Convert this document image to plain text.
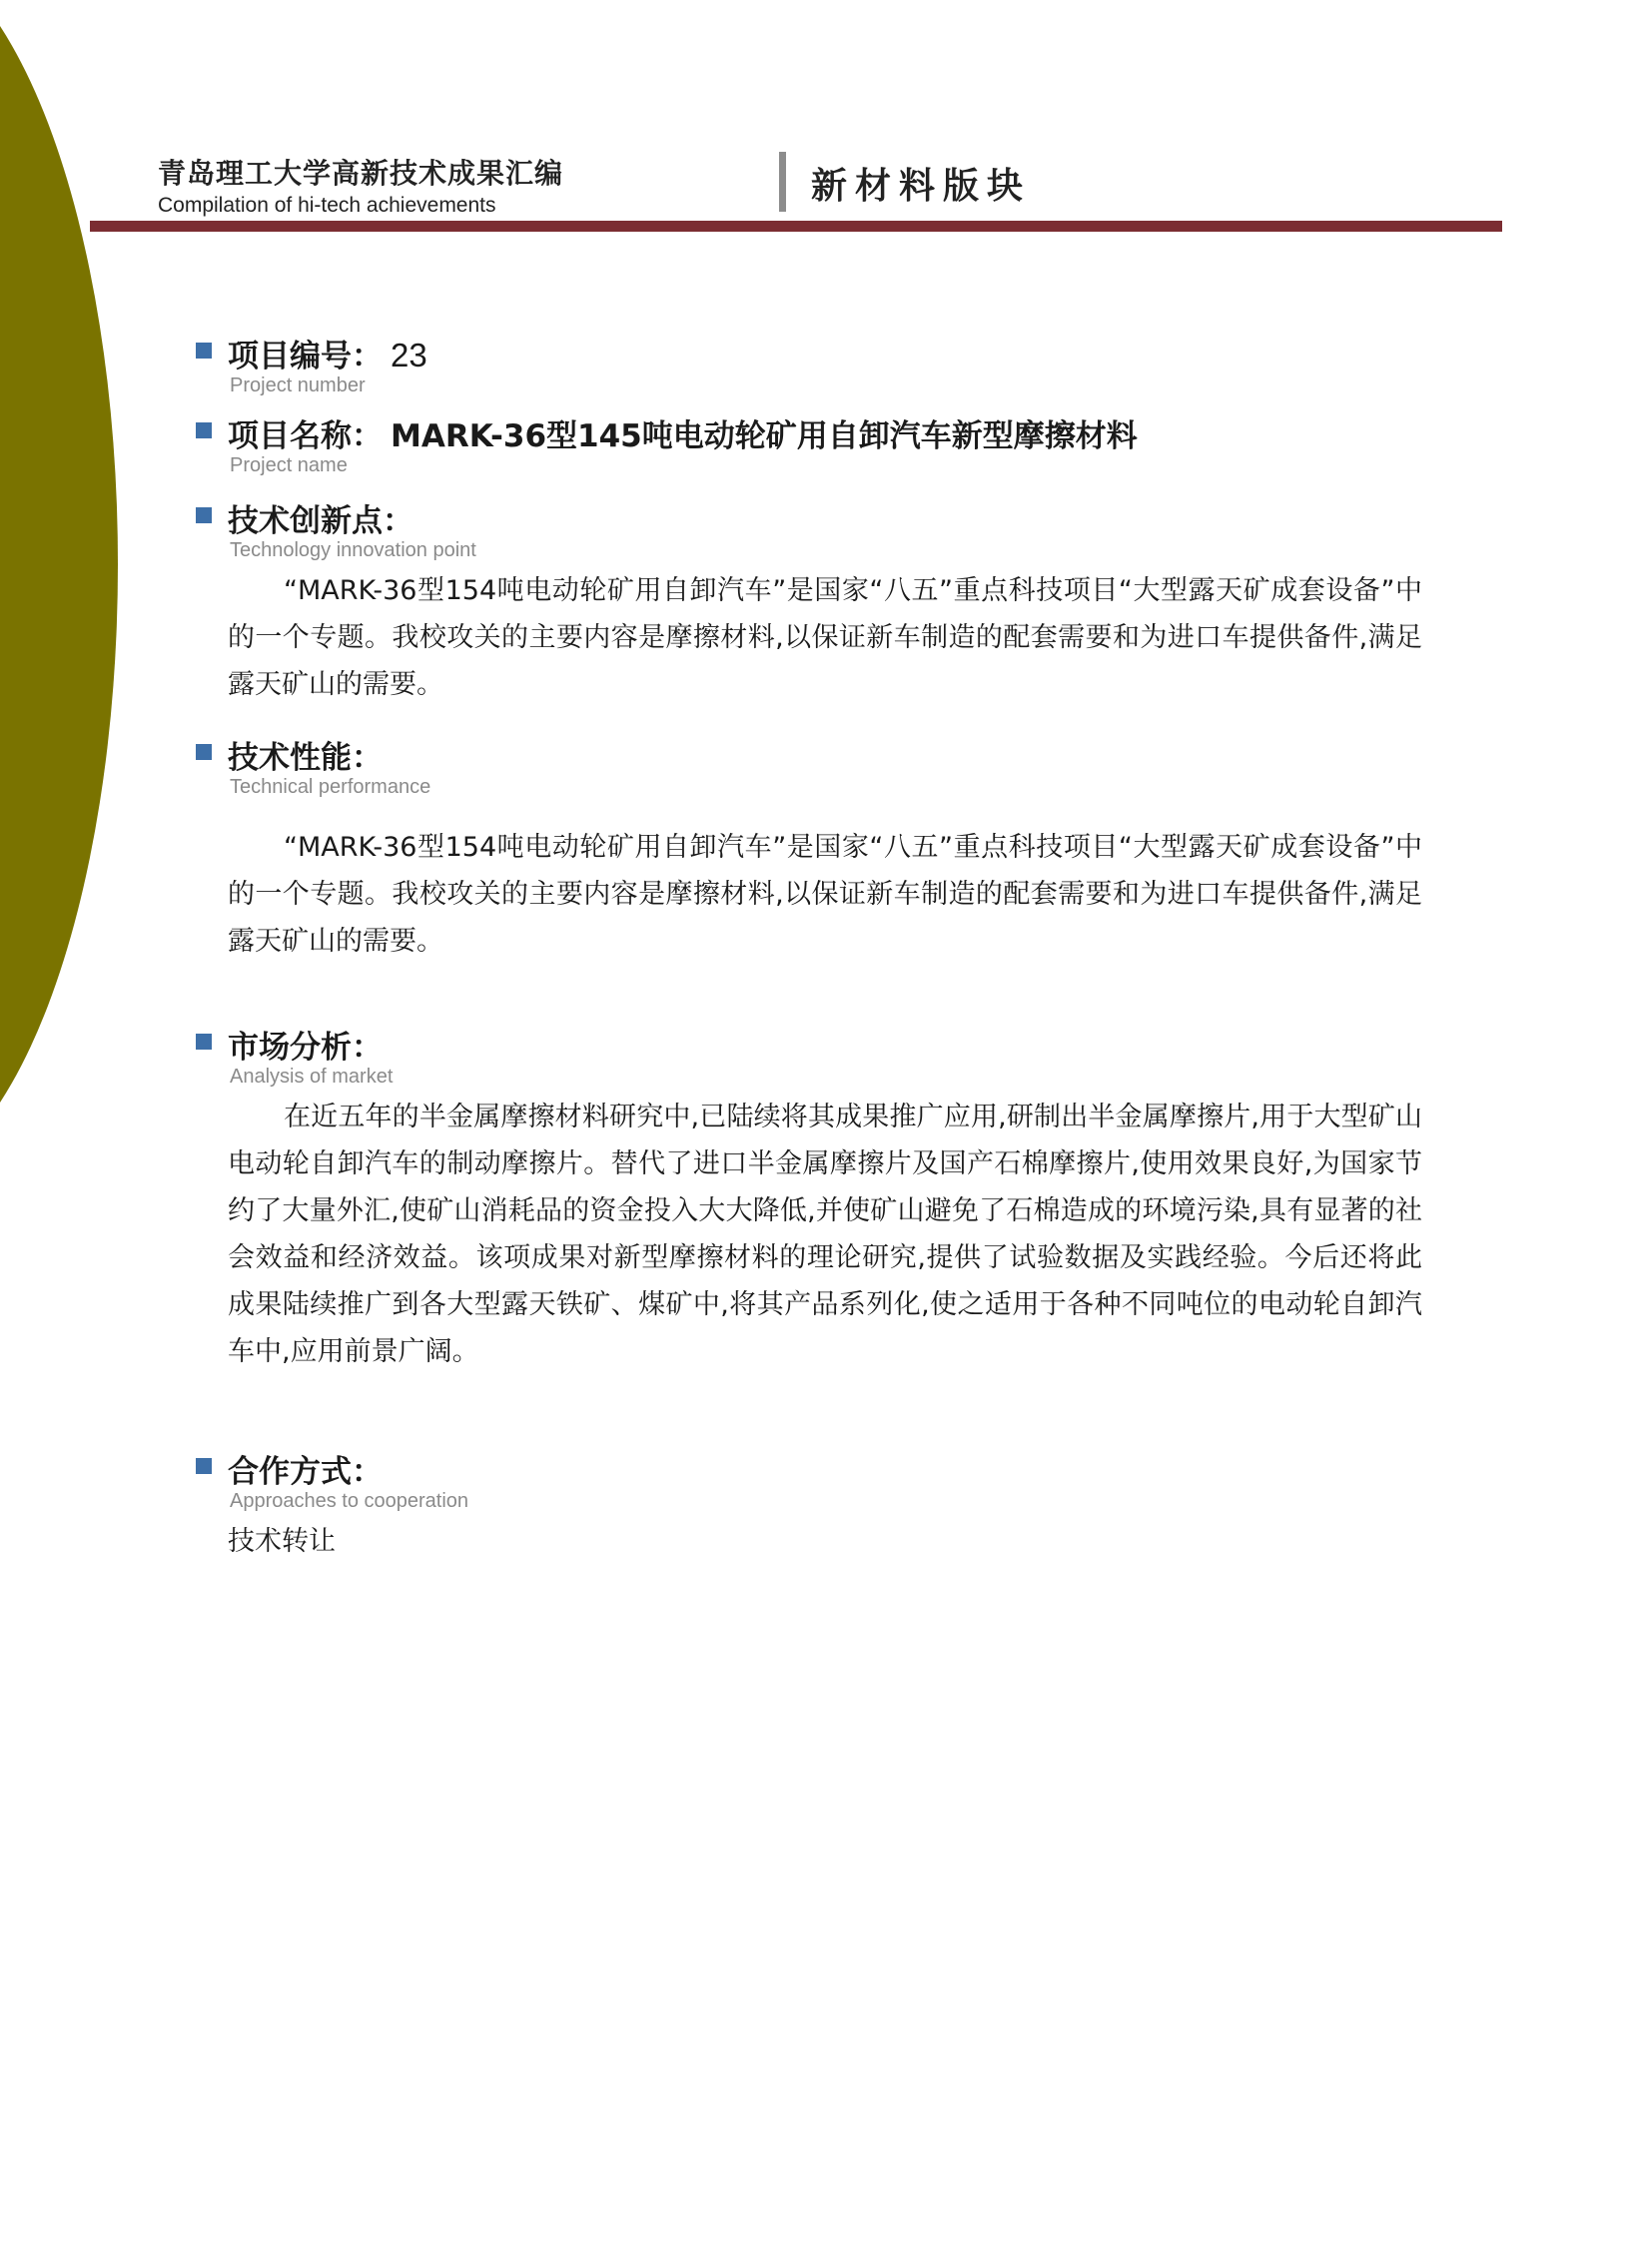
青岛理工大学高新技术成果汇编
Compilation of hi-tech achievements	新材料版块
项目编号： 23
Project number
项目名称： MARK-36型145吨电动轮矿用自卸汽车新型摩擦材料
Project name
技术创新点：
Technology innovation point
“MARK-36型154吨电动轮矿用自卸汽车”是国家“八五”重点科技项目“大型露天矿成套设备”中的一个专题。我校攻关的主要内容是摩擦材料,以保证新车制造的配套需要和为进口车提供备件,满足露天矿山的需要。
技术性能：
Technical performance
“MARK-36型154吨电动轮矿用自卸汽车”是国家“八五”重点科技项目“大型露天矿成套设备”中的一个专题。我校攻关的主要内容是摩擦材料,以保证新车制造的配套需要和为进口车提供备件,满足露天矿山的需要。
市场分析：
Analysis of market
在近五年的半金属摩擦材料研究中,已陆续将其成果推广应用,研制出半金属摩擦片,用于大型矿山电动轮自卸汽车的制动摩擦片。替代了进口半金属摩擦片及国产石棉摩擦片,使用效果良好,为国家节约了大量外汇,使矿山消耗品的资金投入大大降低,并使矿山避免了石棉造成的环境污染,具有显著的社会效益和经济效益。该项成果对新型摩擦材料的理论研究,提供了试验数据及实践经验。今后还将此成果陆续推广到各大型露天铁矿、煤矿中,将其产品系列化,使之适用于各种不同吨位的电动轮自卸汽车中,应用前景广阔。
合作方式：
Approaches to cooperation
技术转让
